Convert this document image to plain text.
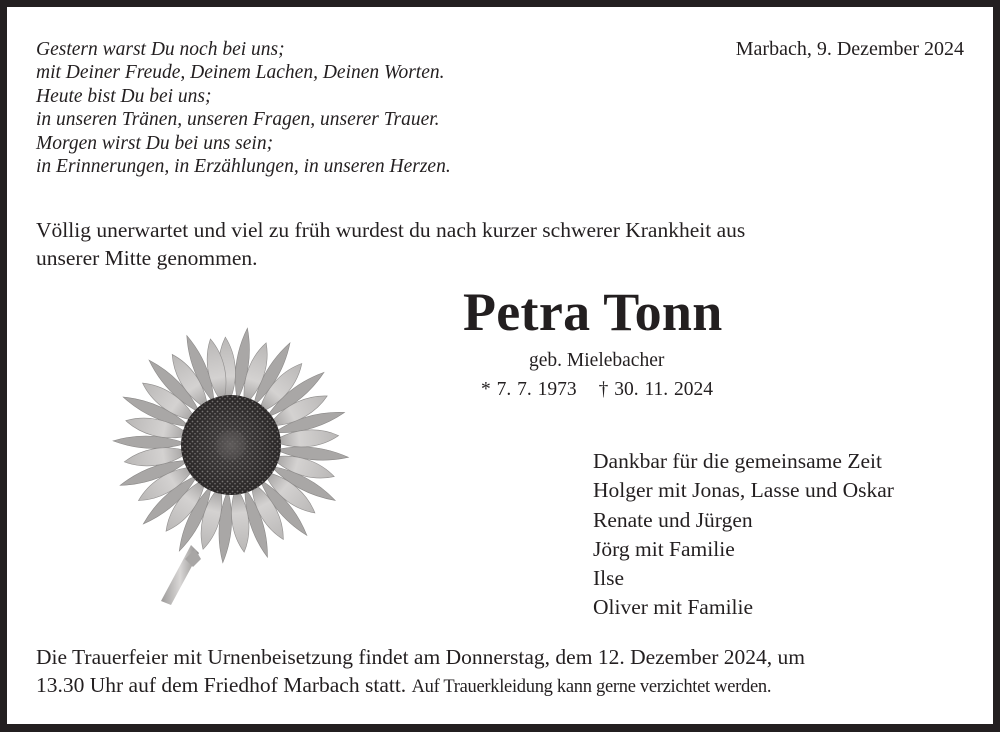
Gestern warst Du noch bei uns;
mit Deiner Freude, Deinem Lachen, Deinen Worten.
Heute bist Du bei uns;
in unseren Tränen, unseren Fragen, unserer Trauer.
Morgen wirst Du bei uns sein;
in Erinnerungen, in Erzählungen, in unseren Herzen.
Marbach, 9. Dezember 2024
Völlig unerwartet und viel zu früh wurdest du nach kurzer schwerer Krankheit aus
unserer Mitte genommen.
Petra Tonn
geb. Mielebacher
* 7. 7. 1973 † 30. 11. 2024
Dankbar für die gemeinsame Zeit
Holger mit Jonas, Lasse und Oskar
Renate und Jürgen
Jörg mit Familie
Ilse
Oliver mit Familie
Die Trauerfeier mit Urnenbeisetzung findet am Donnerstag, dem 12. Dezember 2024, um
13.30 Uhr auf dem Friedhof Marbach statt. Auf Trauerkleidung kann gerne verzichtet werden.
